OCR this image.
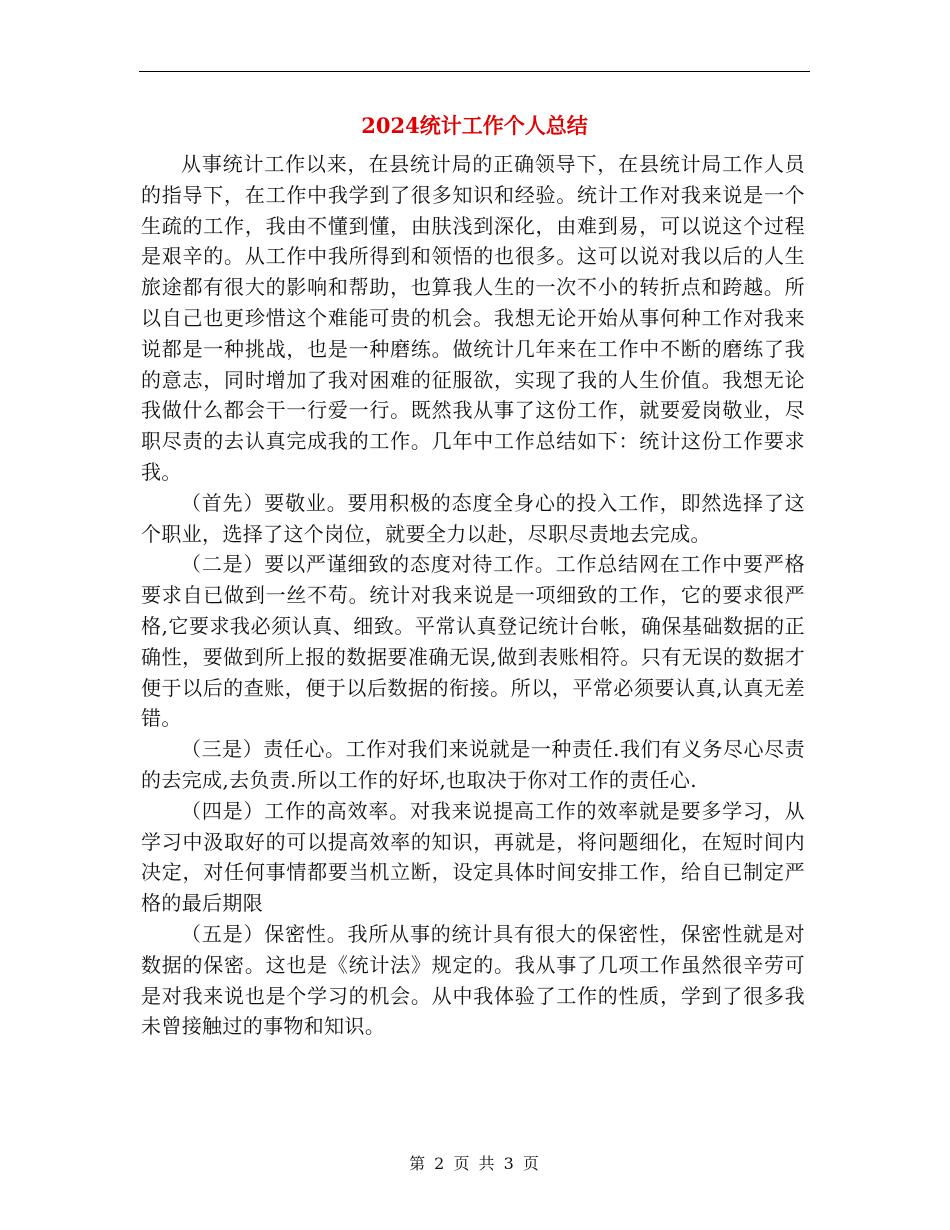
2024统计工作个人总结

从事统计工作以来，在县统计局的正确领导下，在县统计局工作人员的指导下，在工作中我学到了很多知识和经验。统计工作对我来说是一个生疏的工作，我由不懂到懂，由肤浅到深化，由难到易，可以说这个过程是艰辛的。从工作中我所得到和领悟的也很多。这可以说对我以后的人生旅途都有很大的影响和帮助，也算我人生的一次不小的转折点和跨越。所以自己也更珍惜这个难能可贵的机会。我想无论开始从事何种工作对我来说都是一种挑战，也是一种磨练。做统计几年来在工作中不断的磨练了我的意志，同时增加了我对困难的征服欲，实现了我的人生价值。我想无论我做什么都会干一行爱一行。既然我从事了这份工作，就要爱岗敬业，尽职尽责的去认真完成我的工作。几年中工作总结如下：统计这份工作要求我。

（首先）要敬业。要用积极的态度全身心的投入工作，即然选择了这个职业，选择了这个岗位，就要全力以赴，尽职尽责地去完成。

（二是）要以严谨细致的态度对待工作。工作总结网在工作中要严格要求自已做到一丝不苟。统计对我来说是一项细致的工作，它的要求很严格,它要求我必须认真、细致。平常认真登记统计台帐，确保基础数据的正确性，要做到所上报的数据要准确无误,做到表账相符。只有无误的数据才便于以后的查账，便于以后数据的衔接。所以，平常必须要认真,认真无差错。

（三是）责任心。工作对我们来说就是一种责任.我们有义务尽心尽责的去完成,去负责.所以工作的好坏,也取决于你对工作的责任心.

（四是）工作的高效率。对我来说提高工作的效率就是要多学习，从学习中汲取好的可以提高效率的知识，再就是，将问题细化，在短时间内决定，对任何事情都要当机立断，设定具体时间安排工作，给自已制定严格的最后期限

（五是）保密性。我所从事的统计具有很大的保密性，保密性就是对数据的保密。这也是《统计法》规定的。我从事了几项工作虽然很辛劳可是对我来说也是个学习的机会。从中我体验了工作的性质，学到了很多我未曾接触过的事物和知识。

第 2 页 共 3 页
